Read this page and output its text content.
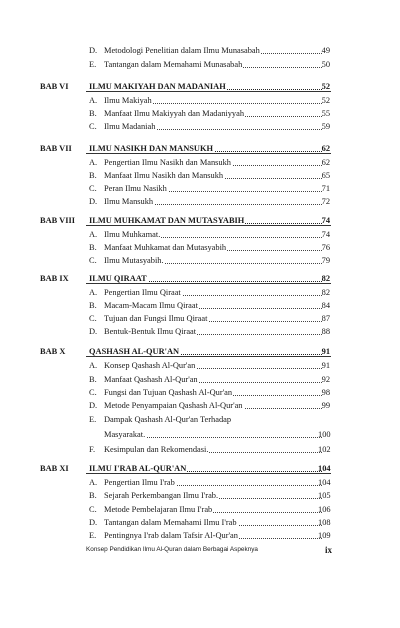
D. Metodologi Penelitian dalam Ilmu Munasabah	49
E. Tantangan dalam Memahami Munasabah	50
BAB VI ILMU MAKIYAH DAN MADANIAH	52
A. Ilmu Makiyah	52
B. Manfaat Ilmu Makiyyah dan Madaniyyah	55
C. Ilmu Madaniah	59
BAB VII ILMU NASIKH DAN MANSUKH	62
A. Pengertian Ilmu Nasikh dan Mansukh	62
B. Manfaat Ilmu Nasikh dan Mansukh	65
C. Peran Ilmu Nasikh	71
D. Ilmu Mansukh	72
BAB VIII ILMU MUHKAMAT DAN MUTASYABIH	74
A. Ilmu Muhkamat.	74
B. Manfaat Muhkamat dan Mutasyabih	76
C. Ilmu Mutasyabih.	79
BAB IX ILMU QIRAAT	82
A. Pengertian Ilmu Qiraat	82
B. Macam-Macam Ilmu Qiraat	84
C. Tujuan dan Fungsi Ilmu Qiraat	87
D. Bentuk-Bentuk Ilmu Qiraat	88
BAB X	QASHASH AL-QUR'AN	91
A. Konsep Qashash Al-Qur'an	91
B. Manfaat Qashash Al-Qur'an	92
C. Fungsi dan Tujuan Qashash Al-Qur'an	98
D. Metode Penyampaian Qashash Al-Qur'an	99
E. Dampak Qashash Al-Qur'an Terhadap
Masyarakat.	100
F. Kesimpulan dan Rekomendasi.	102
BAB XI ILMU I'RAB AL-QUR'AN	104
A. Pengertian Ilmu I'rab	104
B. Sejarah Perkembangan Ilmu I'rab.	105
C. Metode Pembelajaran Ilmu I'rab	106
D. Tantangan dalam Memahami Ilmu I'rab	108
E. Pentingnya I'rab dalam Tafsir Al-Qur'an	109
Konsep Pendidikan Ilmu Al-Quran dalam Berbagai Aspeknya	ix
